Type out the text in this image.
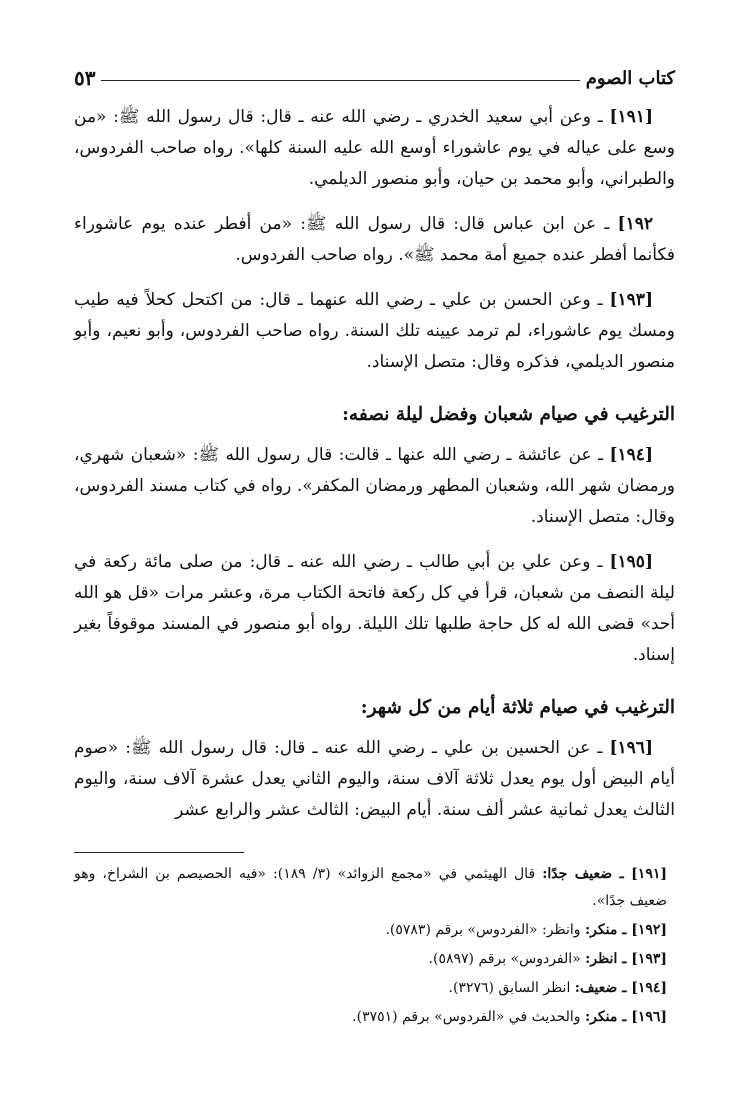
كتاب الصوم
٥٣

[١٩١] ـ وعن أبي سعيد الخدري ـ رضي الله عنه ـ قال: قال رسول الله ﷺ: «من وسع على عياله في يوم عاشوراء أوسع الله عليه السنة كلها». رواه صاحب الفردوس، والطبراني، وأبو محمد بن حيان، وأبو منصور الديلمي.

١٩٢] ـ عن ابن عباس قال: قال رسول الله ﷺ: «من أفطر عنده يوم عاشوراء فكأنما أفطر عنده جميع أمة محمد ﷺ». رواه صاحب الفردوس.

[١٩٣] ـ وعن الحسن بن علي ـ رضي الله عنهما ـ قال: من اكتحل كحلاً فيه طيب ومسك يوم عاشوراء، لم ترمد عيينه تلك السنة. رواه صاحب الفردوس، وأبو نعيم، وأبو منصور الديلمي، فذكره وقال: متصل الإسناد.

الترغيب في صيام شعبان وفضل ليلة نصفه:

[١٩٤] ـ عن عائشة ـ رضي الله عنها ـ قالت: قال رسول الله ﷺ: «شعبان شهري، ورمضان شهر الله، وشعبان المطهر ورمضان المكفر». رواه في كتاب مسند الفردوس، وقال: متصل الإسناد.

[١٩٥] ـ وعن علي بن أبي طالب ـ رضي الله عنه ـ قال: من صلى مائة ركعة في ليلة النصف من شعبان، قرأ في كل ركعة فاتحة الكتاب مرة، وعشر مرات «قل هو الله أحد» قضى الله له كل حاجة طلبها تلك الليلة. رواه أبو منصور في المسند موقوفاً بغير إسناد.

الترغيب في صيام ثلاثة أيام من كل شهر:

[١٩٦] ـ عن الحسين بن علي ـ رضي الله عنه ـ قال: قال رسول الله ﷺ: «صوم أيام البيض أول يوم يعدل ثلاثة آلاف سنة، واليوم الثاني يعدل عشرة آلاف سنة، واليوم الثالث يعدل ثمانية عشر ألف سنة. أيام البيض: الثالث عشر والرابع عشر

[١٩١] ـ ضعيف جدًا: قال الهيثمي في «مجمع الزوائد» (٣/ ١٨٩): «فيه الحصيصم بن الشراخ، وهو ضعيف جدًا».

[١٩٢] ـ منكر: وانظر: «الفردوس» برقم (٥٧٨٣).

[١٩٣] ـ انظر: «الفردوس» برقم (٥٨٩٧).

[١٩٤] ـ ضعيف: انظر السابق (٣٢٧٦).

[١٩٦] ـ منكر: والحديث في «الفردوس» برقم (٣٧٥١).
